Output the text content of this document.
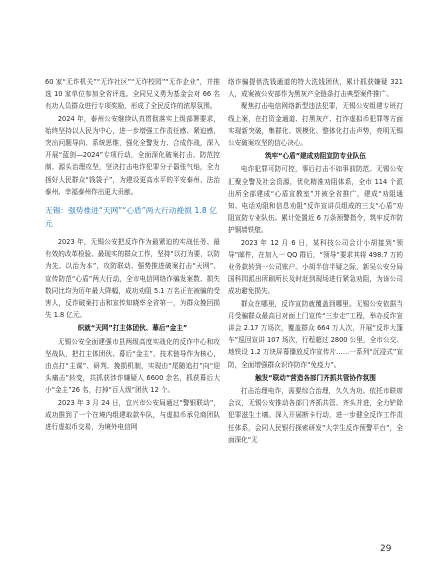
60 家“无诈机关”“无诈社区”“无诈校园”“无诈企业”，并推选 10 家单位参加全省评选。全同兄义勇为基金会对 66 名有功人员群众进行专项奖励，形成了全民反诈的浓厚氛围。

2024 年，泰州公安继续认真贯彻落实上级部署要求，始终坚持以人民为中心，进一步增强工作责任感、紧迫感，突出问题导向、系统思维，强化全警发力、合成作战，深入开展“蓝剑—2024”专项行动，全面深化破案打击、防范控制、源头治理攻坚，坚决打击电诈犯罪分子嚣张气焰，全力扬好人民群众“钱袋子”，为建设更高水平的平安泰州、法治泰州、幸福泰州作出更大贡献。

无锡：强势推进“天网”“心盾”两大行动挽损 1.8 亿元

2023 年，无锡公安把反诈作为最紧迫的实战任务、最有效的改革检验、最现实的群众工作，坚持“以打为要，以防为先、以治为本”，攻防联动、强势推进破案打击“天网”、宣传防范“心盾”两大行动，全市电信网络诈骗发案数、损失数同比均为历年最大降幅，成功劝阻 5.1 万名正在被骗的受害人，反诈破案打击和宣传知晓率全省第一，为群众挽回损失 1.8 亿元。

织就“天网”打主体团伙、幕后“金主”

无锡公安全面建强市县两级高度实战化的反诈中心和攻坚战队，把打主体团伙、幕后“金主”、技术链导作为核心，由点打“主谋”、研判、挽损机制，实现由“尾随追打”向“迎头痛击”转变，共抓获涉诈嫌疑人 6600 余名，抓获幕后大小“金主”26 名，打掉“百人级”团伙 12 个。

2023 年 3 月 24 日，宜兴市公安局通过“警银联动”，成功推到了一个在境内组建取款车队，与虚拟币承兑商团队进行虚拟币交易，为境外电信网

络诈骗提供洗钱通道的特大洗钱团伙，累计抓获嫌疑 321 人，成案被公安部作为黑灰产全链条打击典型案件推广。

聚焦打击电信网络新型违法犯罪，无锡公安组建专班打线上案，在打资金通道、打黑灰产、打诈虚拟币犯罪等方面实现新突破，集群化、规模化、整体化打击声势，亮明无锡公安破案攻坚的信心决心。

筑牢“心盾”建成劝阻宣防专业队伍

电诈犯罪可防可控，事后打击不如事前防范。无锡公安汇聚全警及社会资源，优化精准劝阻体系，全市 114 个派出所全部建成“心盾宣教室”并被全省推广，建成“劝阻通知、电话劝阻和信息劝阻”反诈宣讲员组成的三支“心盾”劝阻宣防专业队伍。累计处置近 6 万条预警指令，筑牢反诈防护铜墙铁壁。

2023 年 12 月 6 日，某科技公司会计小胡接到“领导”邮件，在加入一 QQ 群后，“领导”要求其将 498.7 万的业务款转到一公司账户。小胡半信半疑之际，新吴公安分局国科园派出所刷所长及时赶到现场进行紧急劝阻，为该公司成功避免损失。

群众在哪里，反诈宣防就覆盖到哪里。无锡公安依据当月受骗群众最高日对面上门宣传“三步走”工程，举办反诈宣讲会 2.17 万场次，覆盖群众 664 万人次，开展“反诈大篷车”巡回宣讲 107 场次，行程超过 2800 公里，全市公交、地铁设 1.2 万块屏幕播放反诈宣传片……一系列“沉浸式”宣防，全面增强群众识诈防诈“免疫力”。

触发“联动”营造各部门齐抓共管协作氛围

打击治理电诈，需要综合治理，久久为功。依托市联席会议，无锡公安推动各部门齐抓共管、齐头并进，全力铲除犯罪滋生土壤。深入开展断卡行动，进一步健全反诈工作责任体系，会同人民银行探索研发“大学生反诈预警平台”，全面深化“无

29
